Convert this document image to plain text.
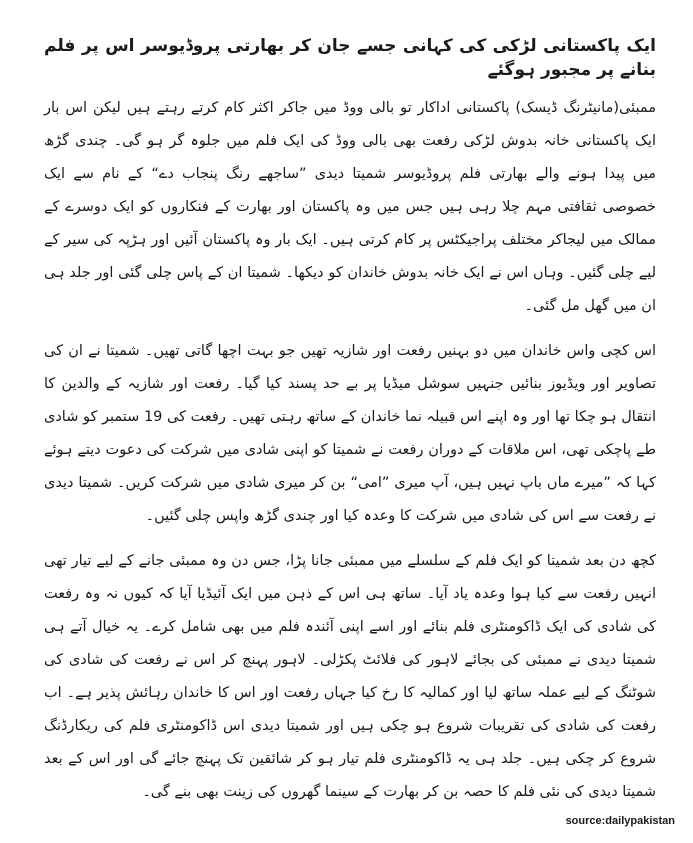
ایک پاکستانی لڑکی کی کہانی جسے جان کر بھارتی پروڈیوسر اس پر فلم بنانے پر مجبور ہوگئے

ممبئی(مانیٹرنگ ڈیسک) پاکستانی اداکار تو بالی ووڈ میں جاکر اکثر کام کرتے رہتے ہیں لیکن اس بار ایک پاکستانی خانہ بدوش لڑکی رفعت بھی بالی ووڈ کی ایک فلم میں جلوہ گر ہو گی۔ چندی گڑھ میں پیدا ہونے والے بھارتی فلم پروڈیوسر شمیتا دیدی ”ساجھے رنگ پنجاب دے“ کے نام سے ایک خصوصی ثقافتی مہم چلا رہی ہیں جس میں وہ پاکستان اور بھارت کے فنکاروں کو ایک دوسرے کے ممالک میں لیجاکر مختلف پراجیکٹس پر کام کرتی ہیں۔ ایک بار وہ پاکستان آئیں اور ہڑپہ کی سیر کے لیے چلی گئیں۔ وہاں اس نے ایک خانہ بدوش خاندان کو دیکھا۔ شمیتا ان کے پاس چلی گئی اور جلد ہی ان میں گھل مل گئی۔

اس کچی واس خاندان میں دو بہنیں رفعت اور شازیہ تھیں جو بہت اچھا گاتی تھیں۔ شمیتا نے ان کی تصاویر اور ویڈیوز بنائیں جنہیں سوشل میڈیا پر بے حد پسند کیا گیا۔ رفعت اور شازیہ کے والدین کا انتقال ہو چکا تھا اور وہ اپنے اس قبیلہ نما خاندان کے ساتھ رہتی تھیں۔ رفعت کی 19 ستمبر کو شادی طے پاچکی تھی، اس ملاقات کے دوران رفعت نے شمیتا کو اپنی شادی میں شرکت کی دعوت دیتے ہوئے کہا کہ ”میرے ماں باپ نہیں ہیں، آپ میری ”امی“ بن کر میری شادی میں شرکت کریں۔ شمیتا دیدی نے رفعت سے اس کی شادی میں شرکت کا وعدہ کیا اور چندی گڑھ واپس چلی گئیں۔

کچھ دن بعد شمیتا کو ایک فلم کے سلسلے میں ممبئی جانا پڑا، جس دن وہ ممبئی جانے کے لیے تیار تھی انہیں رفعت سے کیا ہوا وعدہ یاد آیا۔ ساتھ ہی اس کے ذہن میں ایک آئیڈیا آیا کہ کیوں نہ وہ رفعت کی شادی کی ایک ڈاکومنٹری فلم بنائے اور اسے اپنی آئندہ فلم میں بھی شامل کرے۔ یہ خیال آتے ہی شمیتا دیدی نے ممبئی کی بجائے لاہور کی فلائٹ پکڑلی۔ لاہور پہنچ کر اس نے رفعت کی شادی کی شوٹنگ کے لیے عملہ ساتھ لیا اور کمالیہ کا رخ کیا جہاں رفعت اور اس کا خاندان رہائش پذیر ہے۔ اب رفعت کی شادی کی تقریبات شروع ہو چکی ہیں اور شمیتا دیدی اس ڈاکومنٹری فلم کی ریکارڈنگ شروع کر چکی ہیں۔ جلد ہی یہ ڈاکومنٹری فلم تیار ہو کر شائقین تک پہنچ جائے گی اور اس کے بعد شمیتا دیدی کی نئی فلم کا حصہ بن کر بھارت کے سینما گھروں کی زینت بھی بنے گی۔

source:dailypakistan
